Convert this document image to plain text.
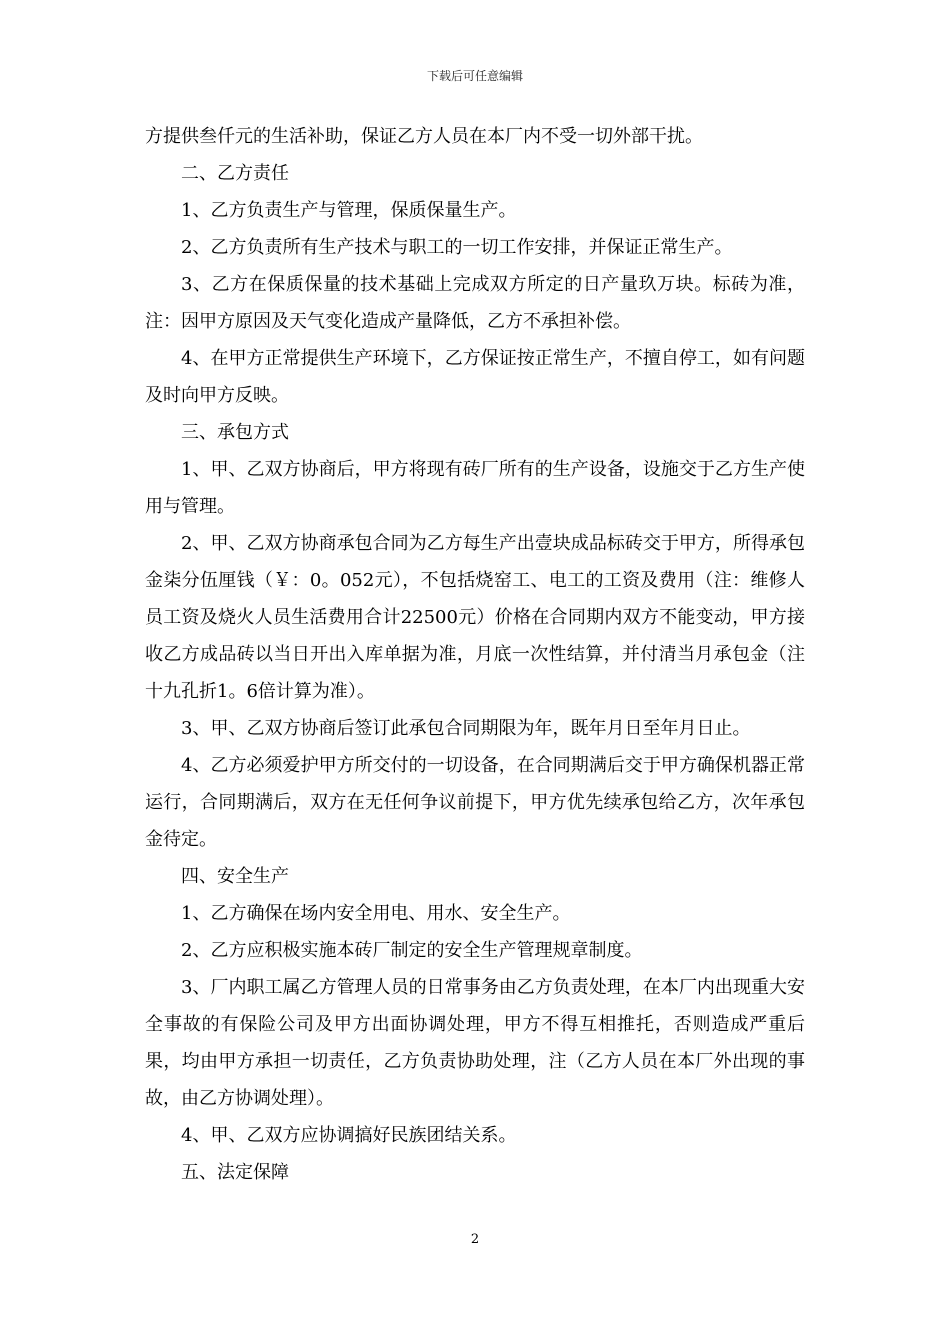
下载后可任意编辑

方提供叁仟元的生活补助，保证乙方人员在本厂内不受一切外部干扰。

二、乙方责任

1、乙方负责生产与管理，保质保量生产。

2、乙方负责所有生产技术与职工的一切工作安排，并保证正常生产。

3、乙方在保质保量的技术基础上完成双方所定的日产量玖万块。标砖为准，注：因甲方原因及天气变化造成产量降低，乙方不承担补偿。

4、在甲方正常提供生产环境下，乙方保证按正常生产，不擅自停工，如有问题及时向甲方反映。

三、承包方式

1、甲、乙双方协商后，甲方将现有砖厂所有的生产设备，设施交于乙方生产使用与管理。

2、甲、乙双方协商承包合同为乙方每生产出壹块成品标砖交于甲方，所得承包金柒分伍厘钱（￥：0。052元），不包括烧窑工、电工的工资及费用（注：维修人员工资及烧火人员生活费用合计22500元）价格在合同期内双方不能变动，甲方接收乙方成品砖以当日开出入库单据为准，月底一次性结算，并付清当月承包金（注十九孔折1。6倍计算为准）。

3、甲、乙双方协商后签订此承包合同期限为年，既年月日至年月日止。

4、乙方必须爱护甲方所交付的一切设备，在合同期满后交于甲方确保机器正常运行，合同期满后，双方在无任何争议前提下，甲方优先续承包给乙方，次年承包金待定。

四、安全生产

1、乙方确保在场内安全用电、用水、安全生产。

2、乙方应积极实施本砖厂制定的安全生产管理规章制度。

3、厂内职工属乙方管理人员的日常事务由乙方负责处理，在本厂内出现重大安全事故的有保险公司及甲方出面协调处理，甲方不得互相推托，否则造成严重后果，均由甲方承担一切责任，乙方负责协助处理，注（乙方人员在本厂外出现的事故，由乙方协调处理）。

4、甲、乙双方应协调搞好民族团结关系。

五、法定保障

2
